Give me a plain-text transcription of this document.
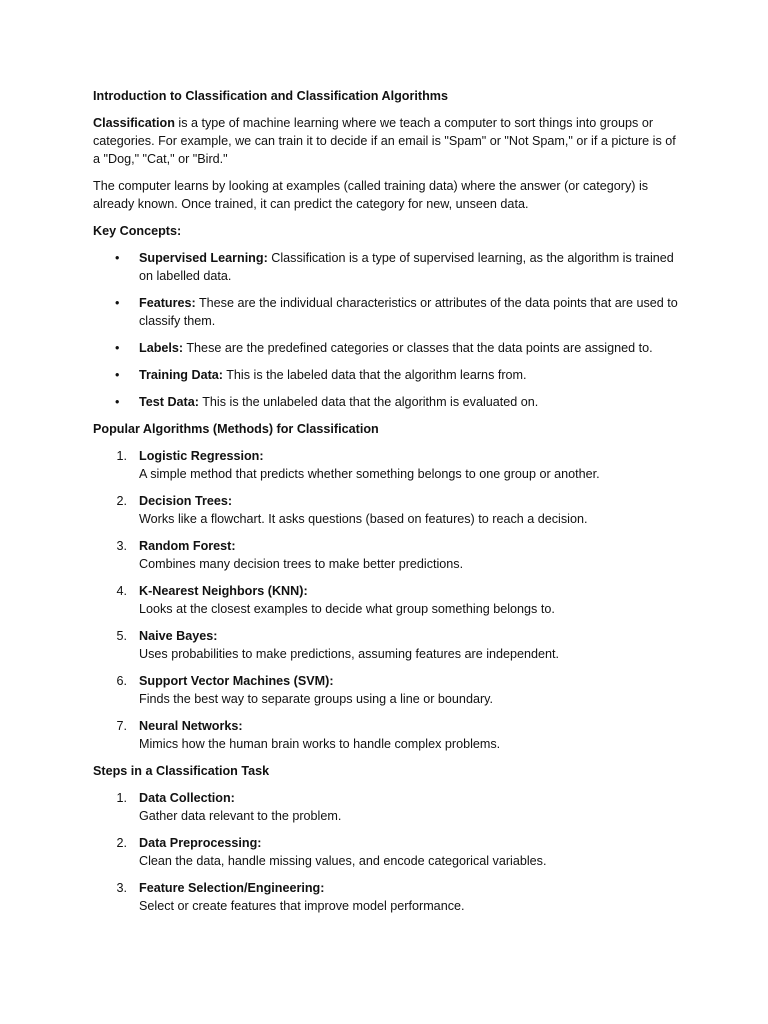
Introduction to Classification and Classification Algorithms

Classification is a type of machine learning where we teach a computer to sort things into groups or categories. For example, we can train it to decide if an email is "Spam" or "Not Spam," or if a picture is of a "Dog," "Cat," or "Bird."

The computer learns by looking at examples (called training data) where the answer (or category) is already known. Once trained, it can predict the category for new, unseen data.

Key Concepts:
• Supervised Learning: Classification is a type of supervised learning, as the algorithm is trained on labelled data.
• Features: These are the individual characteristics or attributes of the data points that are used to classify them.
• Labels: These are the predefined categories or classes that the data points are assigned to.
• Training Data: This is the labeled data that the algorithm learns from.
• Test Data: This is the unlabeled data that the algorithm is evaluated on.
Popular Algorithms (Methods) for Classification
1. Logistic Regression:
A simple method that predicts whether something belongs to one group or another.
2. Decision Trees:
Works like a flowchart. It asks questions (based on features) to reach a decision.
3. Random Forest:
Combines many decision trees to make better predictions.
4. K-Nearest Neighbors (KNN):
Looks at the closest examples to decide what group something belongs to.
5. Naive Bayes:
Uses probabilities to make predictions, assuming features are independent.
6. Support Vector Machines (SVM):
Finds the best way to separate groups using a line or boundary.
7. Neural Networks:
Mimics how the human brain works to handle complex problems.
Steps in a Classification Task
1. Data Collection:
Gather data relevant to the problem.
2. Data Preprocessing:
Clean the data, handle missing values, and encode categorical variables.
3. Feature Selection/Engineering:
Select or create features that improve model performance.
